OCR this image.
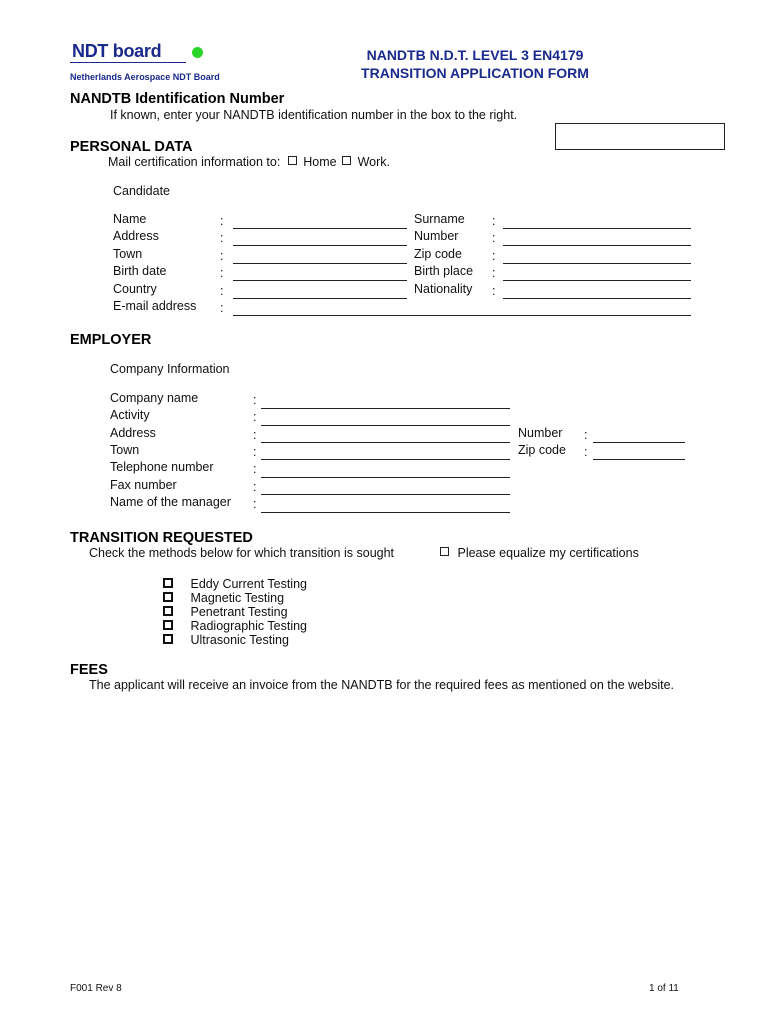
NDT board
Netherlands Aerospace NDT Board
NANDTB N.D.T. LEVEL 3 EN4179
TRANSITION APPLICATION FORM
NANDTB Identification Number
If known, enter your NANDTB identification number in the box to the right.
PERSONAL DATA
Mail certification information to: Home Work.
Candidate
Name
Address
Town
Birth date
Country
E-mail address
:
:
:
:
:
:
Surname
Number
Zip code
Birth place
Nationality
:
:
:
:
:
EMPLOYER
Company Information
Company name
Activity
Address
Town
Telephone number
Fax number
Name of the manager
:
:
:
:
:
:
:
Number
Zip code
:
:
TRANSITION REQUESTED
Check the methods below for which transition is sought	Please equalize my certifications
Eddy Current Testing
Magnetic Testing
Penetrant Testing
Radiographic Testing
Ultrasonic Testing
FEES
The applicant will receive an invoice from the NANDTB for the required fees as mentioned on the website.
F001 Rev 8	1 of 11
